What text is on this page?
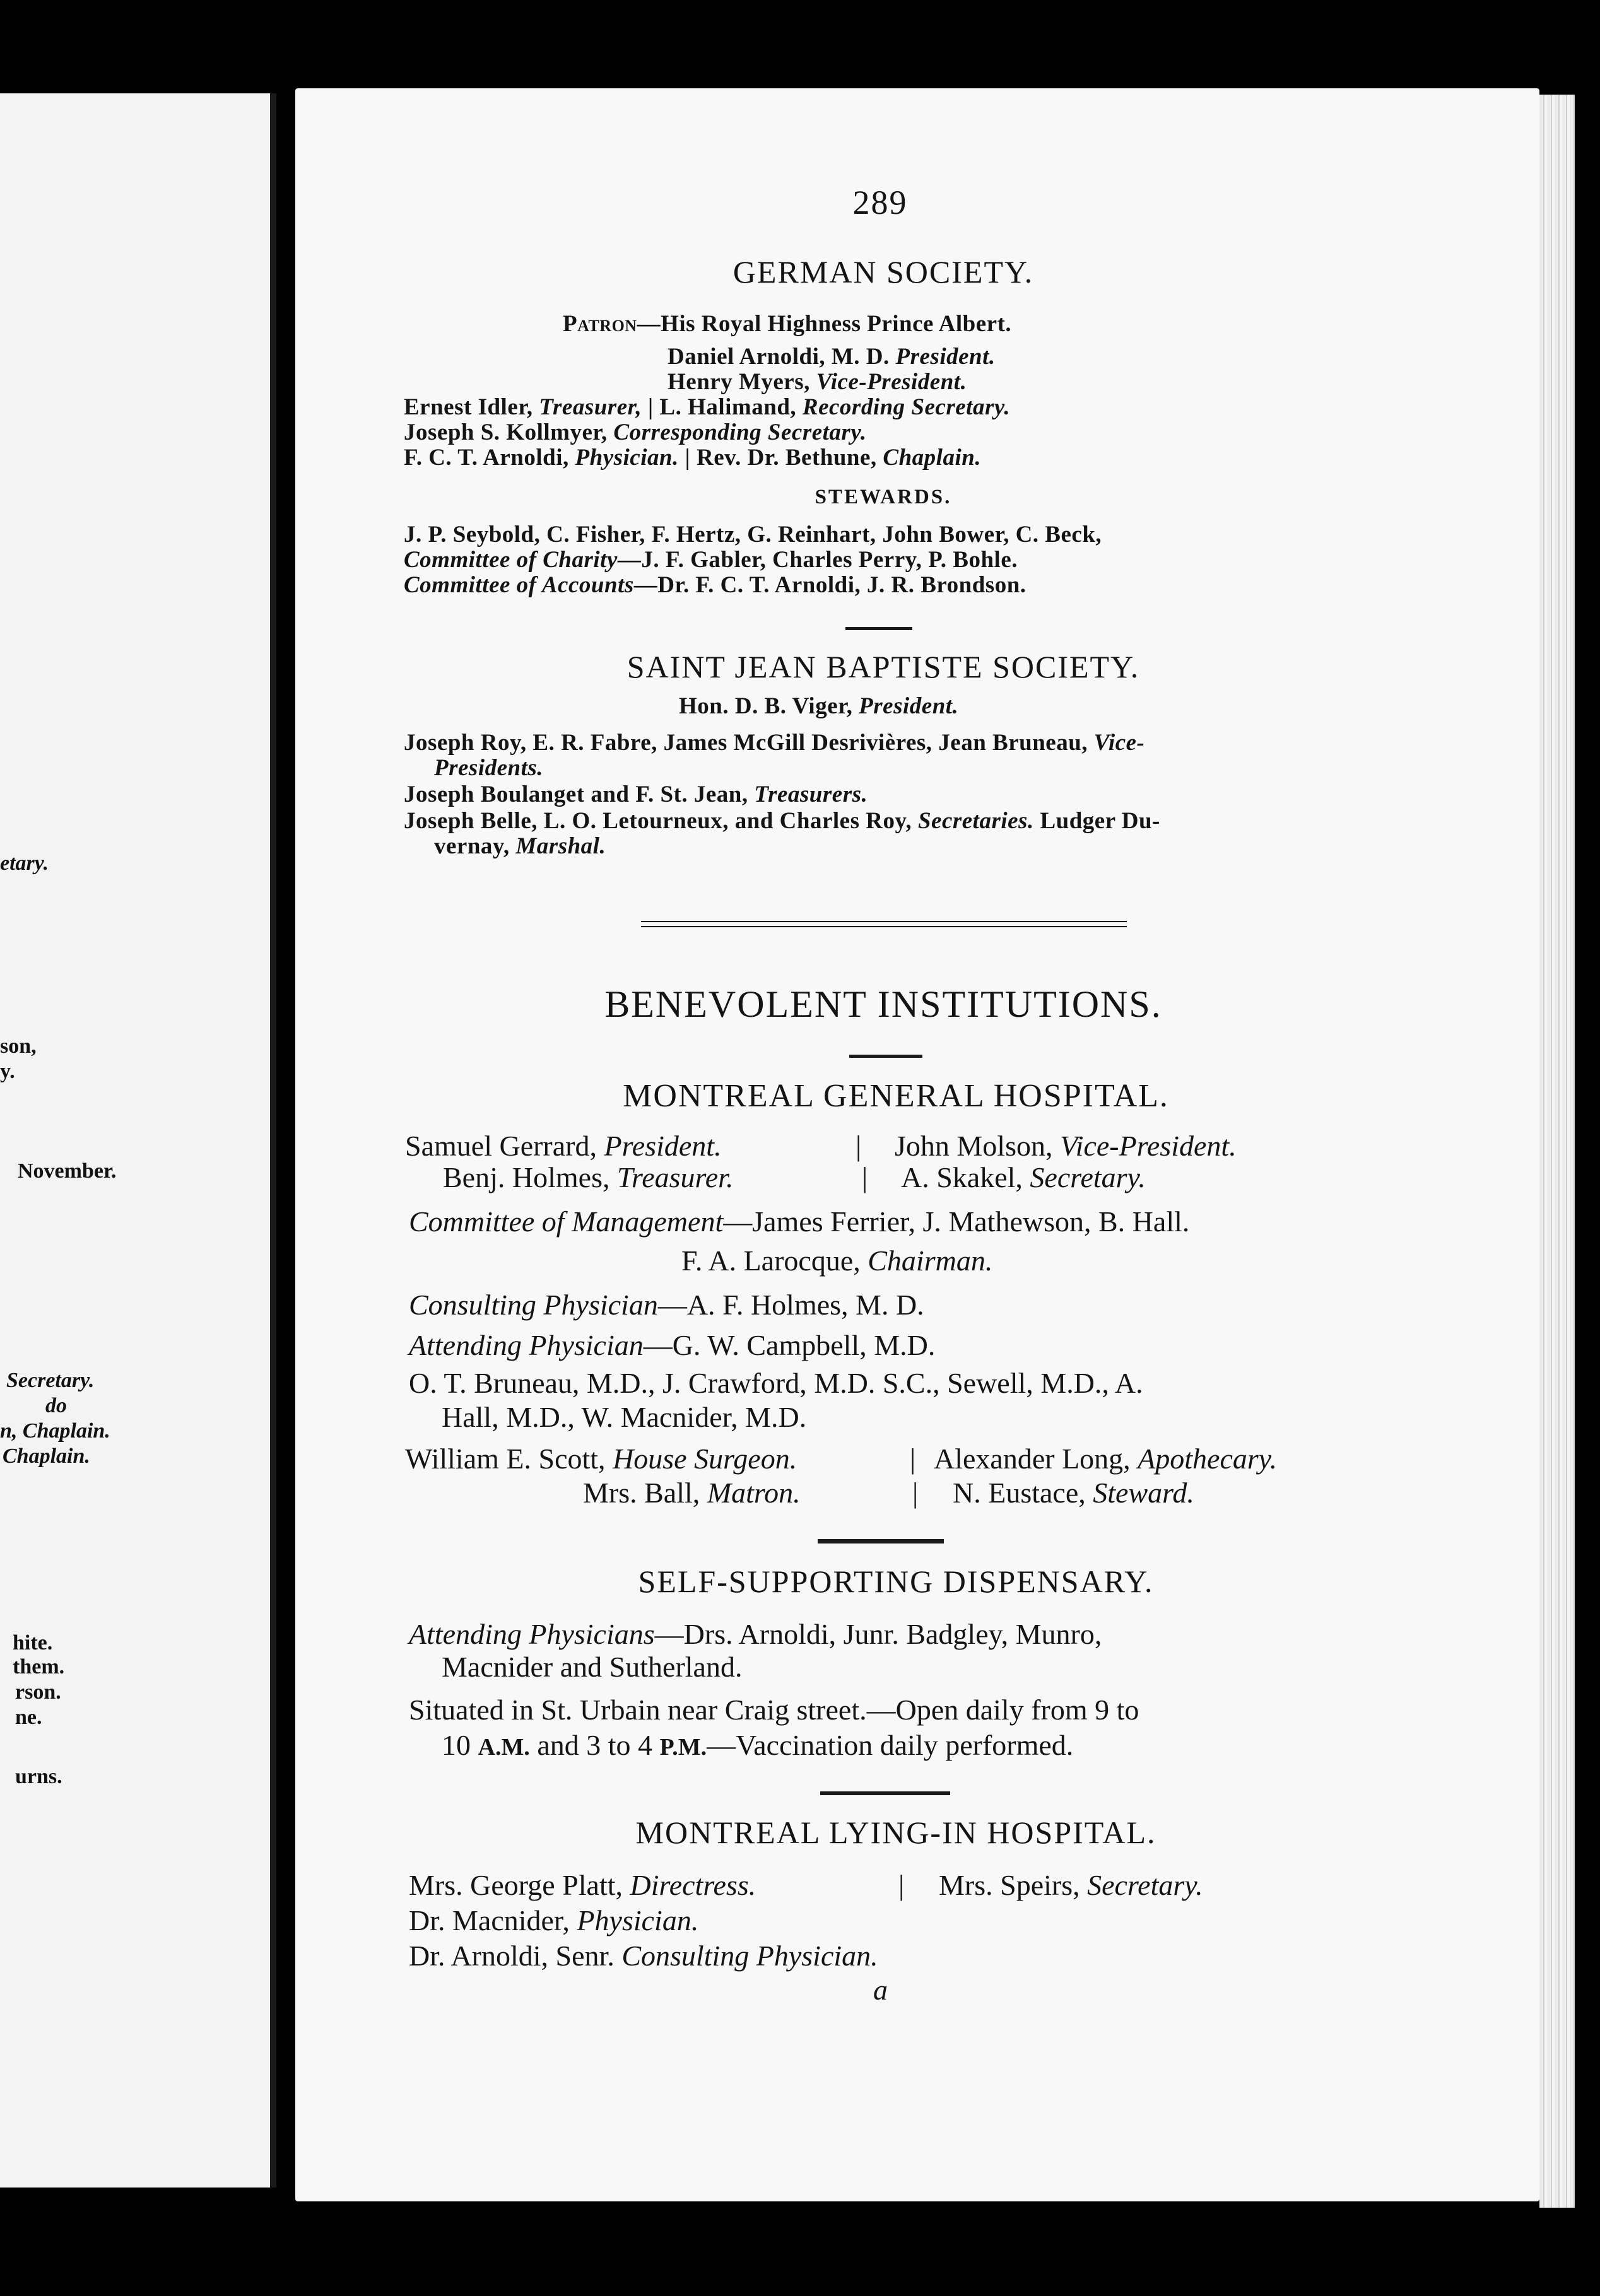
etary.
son,
y.
November.
Secretary.
do
n, Chaplain.
Chaplain.
hite.
them.
rson.
ne.
urns.
289
GERMAN SOCIETY.
Patron—His Royal Highness Prince Albert.
Daniel Arnoldi, M. D. President.
Henry Myers, Vice-President.
Ernest Idler, Treasurer, | L. Halimand, Recording Secretary.
Joseph S. Kollmyer, Corresponding Secretary.
F. C. T. Arnoldi, Physician. | Rev. Dr. Bethune, Chaplain.
STEWARDS.
J. P. Seybold, C. Fisher, F. Hertz, G. Reinhart, John Bower, C. Beck,
Committee of Charity—J. F. Gabler, Charles Perry, P. Bohle.
Committee of Accounts—Dr. F. C. T. Arnoldi, J. R. Brondson.
SAINT JEAN BAPTISTE SOCIETY.
Hon. D. B. Viger, President.
Joseph Roy, E. R. Fabre, James McGill Desrivières, Jean Bruneau, Vice-
Presidents.
Joseph Boulanget and F. St. Jean, Treasurers.
Joseph Belle, L. O. Letourneux, and Charles Roy, Secretaries. Ludger Du-
vernay, Marshal.
BENEVOLENT INSTITUTIONS.
MONTREAL GENERAL HOSPITAL.
Samuel Gerrard, President.	| John Molson, Vice-President.
Benj. Holmes, Treasurer.	| A. Skakel, Secretary.
Committee of Management—James Ferrier, J. Mathewson, B. Hall.
F. A. Larocque, Chairman.
Consulting Physician—A. F. Holmes, M. D.
Attending Physician—G. W. Campbell, M.D.
O. T. Bruneau, M.D., J. Crawford, M.D. S.C., Sewell, M.D., A.
Hall, M.D., W. Macnider, M.D.
William E. Scott, House Surgeon.	| Alexander Long, Apothecary.
Mrs. Ball, Matron.	| N. Eustace, Steward.
SELF-SUPPORTING DISPENSARY.
Attending Physicians—Drs. Arnoldi, Junr. Badgley, Munro,
Macnider and Sutherland.
Situated in St. Urbain near Craig street.—Open daily from 9 to
10 A.M. and 3 to 4 P.M.—Vaccination daily performed.
MONTREAL LYING-IN HOSPITAL.
Mrs. George Platt, Directress.	| Mrs. Speirs, Secretary.
Dr. Macnider, Physician.
Dr. Arnoldi, Senr. Consulting Physician.
a
